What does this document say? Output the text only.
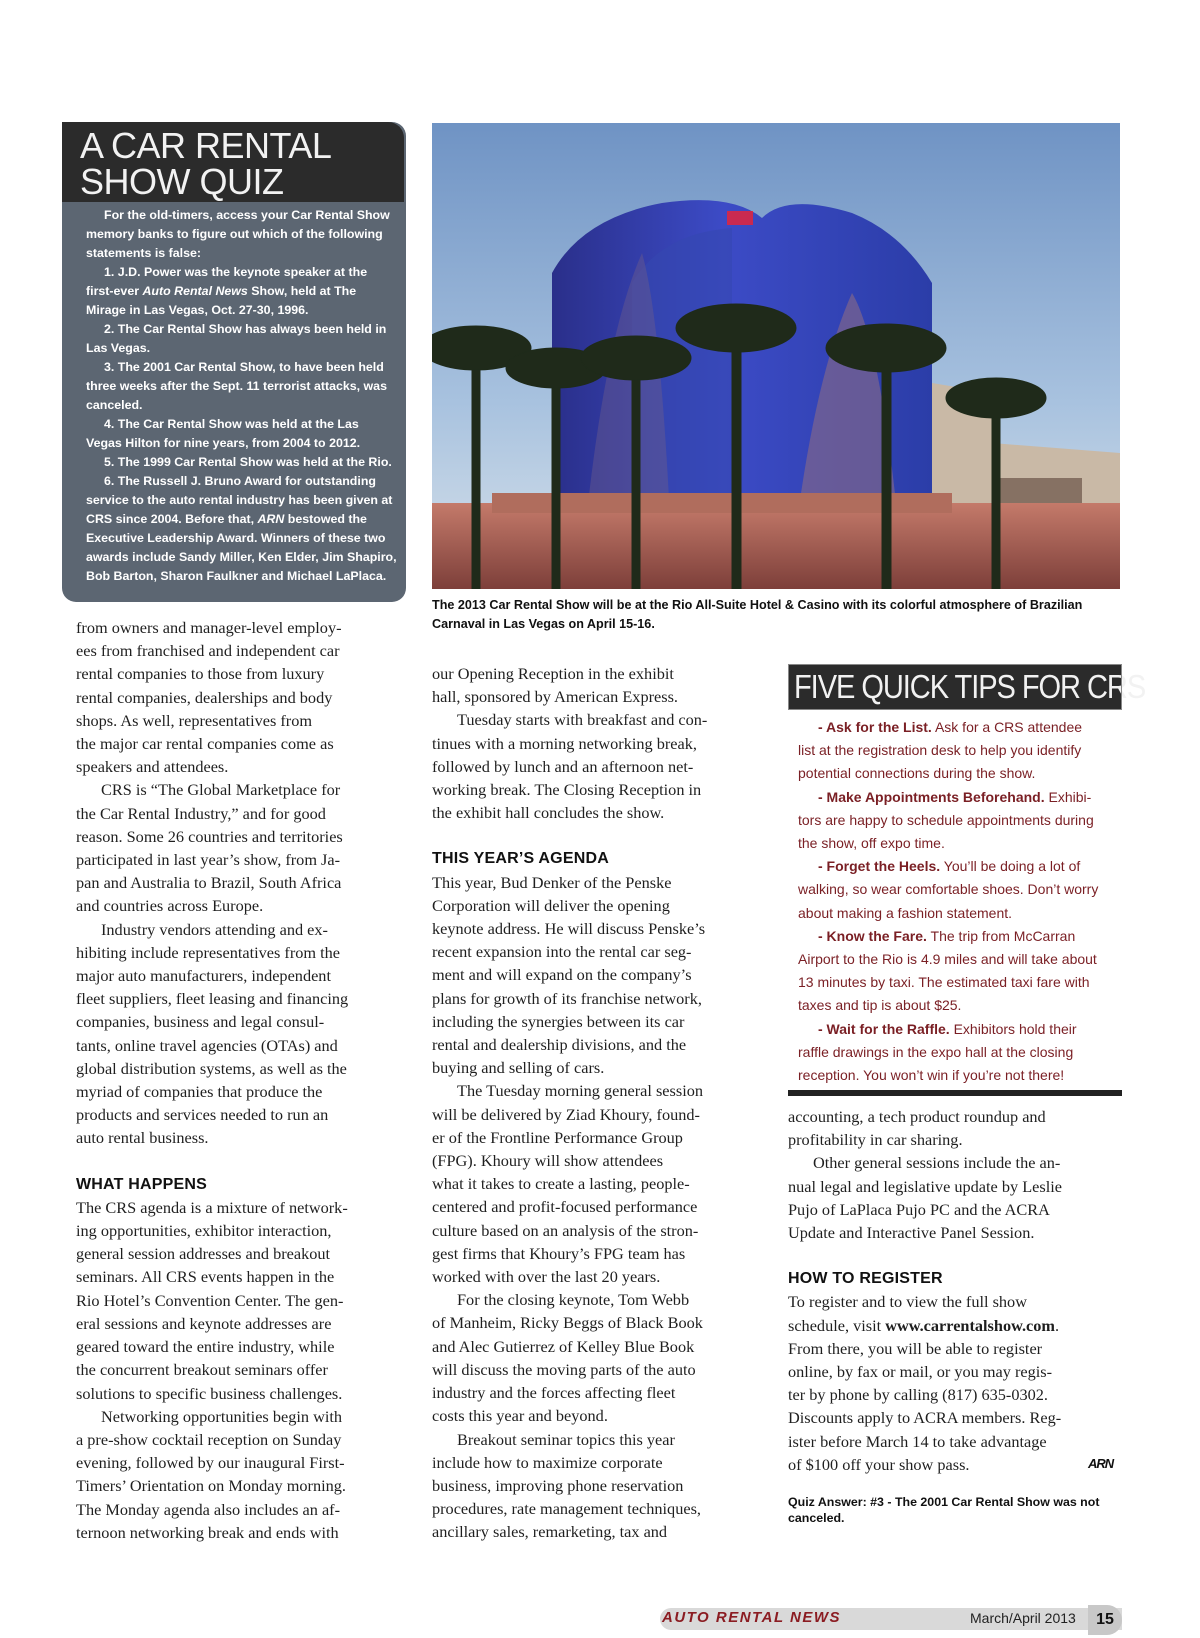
A CAR RENTAL
SHOW QUIZ

For the old-timers, access your Car Rental Show memory banks to figure out which of the following statements is false:

1. J.D. Power was the keynote speaker at the first-ever Auto Rental News Show, held at The Mirage in Las Vegas, Oct. 27-30, 1996.

2. The Car Rental Show has always been held in Las Vegas.

3. The 2001 Car Rental Show, to have been held three weeks after the Sept. 11 terrorist attacks, was canceled.

4. The Car Rental Show was held at the Las Vegas Hilton for nine years, from 2004 to 2012.

5. The 1999 Car Rental Show was held at the Rio.

6. The Russell J. Bruno Award for outstanding service to the auto rental industry has been given at CRS since 2004. Before that, ARN bestowed the Executive Leadership Award. Winners of these two awards include Sandy Miller, Ken Elder, Jim Shapiro, Bob Barton, Sharon Faulkner and Michael LaPlaca.

The 2013 Car Rental Show will be at the Rio All-Suite Hotel & Casino with its colorful atmosphere of Brazilian Carnaval in Las Vegas on April 15-16.
from owners and manager-level employ-
ees from franchised and independent car
rental companies to those from luxury
rental companies, dealerships and body
shops. As well, representatives from
the major car rental companies come as
speakers and attendees.
CRS is “The Global Marketplace for
the Car Rental Industry,” and for good
reason. Some 26 countries and territories
participated in last year’s show, from Ja-
pan and Australia to Brazil, South Africa
and countries across Europe.
Industry vendors attending and ex-
hibiting include representatives from the
major auto manufacturers, independent
fleet suppliers, fleet leasing and financing
companies, business and legal consul-
tants, online travel agencies (OTAs) and
global distribution systems, as well as the
myriad of companies that produce the
products and services needed to run an
auto rental business.
WHAT HAPPENS
The CRS agenda is a mixture of network-
ing opportunities, exhibitor interaction,
general session addresses and breakout
seminars. All CRS events happen in the
Rio Hotel’s Convention Center. The gen-
eral sessions and keynote addresses are
geared toward the entire industry, while
the concurrent breakout seminars offer
solutions to specific business challenges.
Networking opportunities begin with
a pre-show cocktail reception on Sunday
evening, followed by our inaugural First-
Timers’ Orientation on Monday morning.
The Monday agenda also includes an af-
ternoon networking break and ends with
our Opening Reception in the exhibit
hall, sponsored by American Express.
Tuesday starts with breakfast and con-
tinues with a morning networking break,
followed by lunch and an afternoon net-
working break. The Closing Reception in
the exhibit hall concludes the show.
THIS YEAR’S AGENDA
This year, Bud Denker of the Penske
Corporation will deliver the opening
keynote address. He will discuss Penske’s
recent expansion into the rental car seg-
ment and will expand on the company’s
plans for growth of its franchise network,
including the synergies between its car
rental and dealership divisions, and the
buying and selling of cars.
The Tuesday morning general session
will be delivered by Ziad Khoury, found-
er of the Frontline Performance Group
(FPG). Khoury will show attendees
what it takes to create a lasting, people-
centered and profit-focused performance
culture based on an analysis of the stron-
gest firms that Khoury’s FPG team has
worked with over the last 20 years.
For the closing keynote, Tom Webb
of Manheim, Ricky Beggs of Black Book
and Alec Gutierrez of Kelley Blue Book
will discuss the moving parts of the auto
industry and the forces affecting fleet
costs this year and beyond.
Breakout seminar topics this year
include how to maximize corporate
business, improving phone reservation
procedures, rate management techniques,
ancillary sales, remarketing, tax and
FIVE QUICK TIPS FOR CRS
- Ask for the List. Ask for a CRS attendee
list at the registration desk to help you identify
potential connections during the show.
- Make Appointments Beforehand. Exhibi-
tors are happy to schedule appointments during
the show, off expo time.
- Forget the Heels. You’ll be doing a lot of
walking, so wear comfortable shoes. Don’t worry
about making a fashion statement.
- Know the Fare. The trip from McCarran
Airport to the Rio is 4.9 miles and will take about
13 minutes by taxi. The estimated taxi fare with
taxes and tip is about $25.
- Wait for the Raffle. Exhibitors hold their
raffle drawings in the expo hall at the closing
reception. You won’t win if you’re not there!
accounting, a tech product roundup and
profitability in car sharing.
Other general sessions include the an-
nual legal and legislative update by Leslie
Pujo of LaPlaca Pujo PC and the ACRA
Update and Interactive Panel Session.
HOW TO REGISTER
To register and to view the full show
schedule, visit www.carrentalshow.com.
From there, you will be able to register
online, by fax or mail, or you may regis-
ter by phone by calling (817) 635-0302.
Discounts apply to ACRA members. Reg-
ister before March 14 to take advantage
of $100 off your show pass.	ARN
Quiz Answer: #3 - The 2001 Car Rental Show was not canceled.
AUTO RENTAL NEWS	March/April 2013	15
